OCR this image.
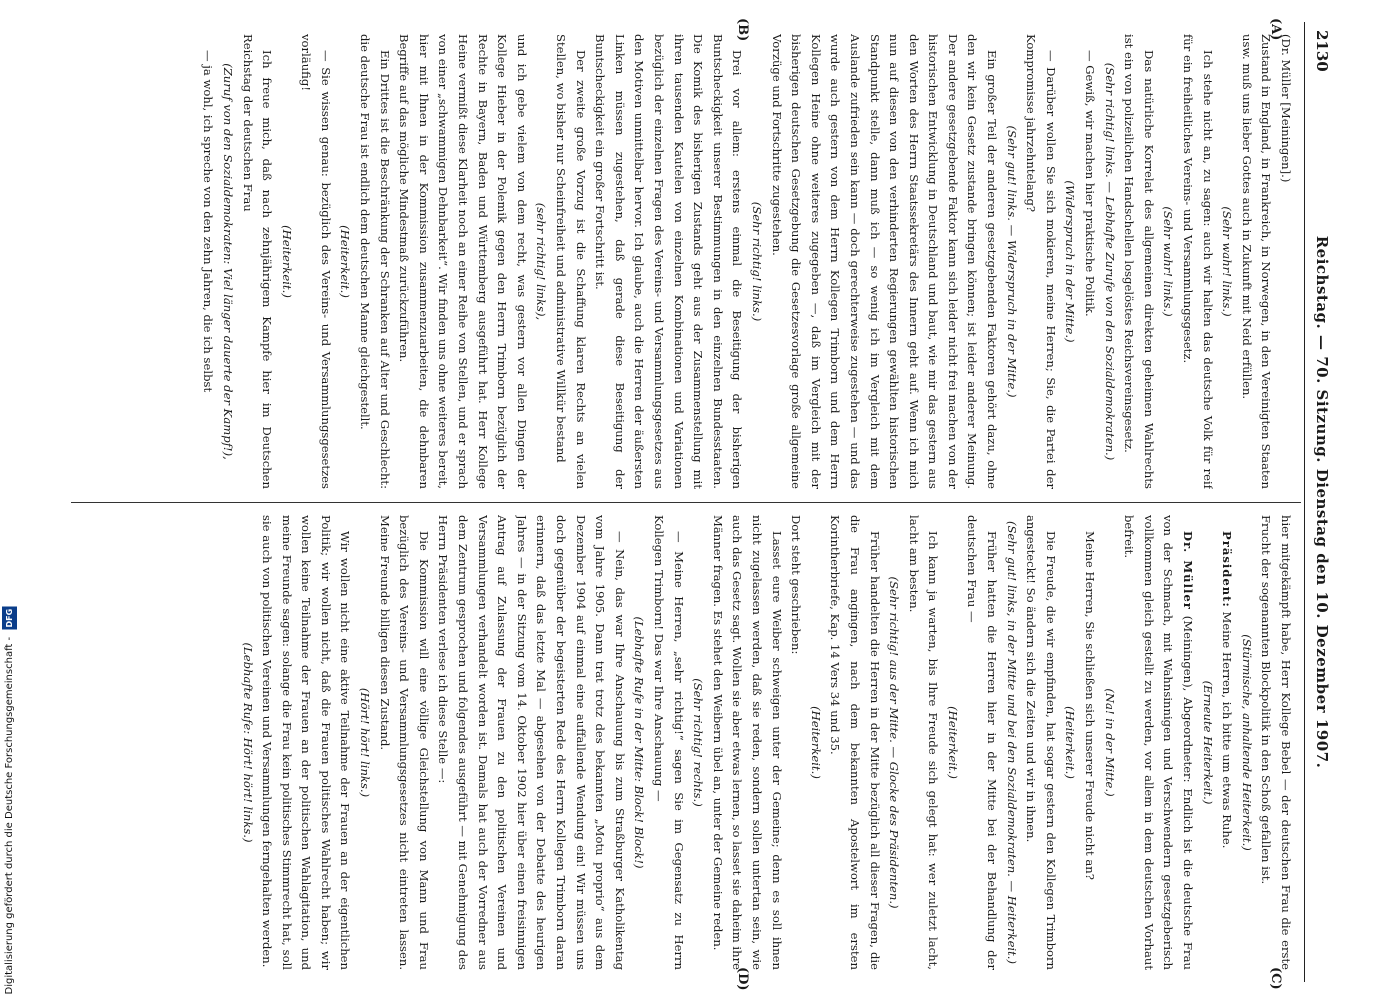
2130
Reichstag. — 70. Sitzung. Dienstag den 10. Dezember 1907.
(A)
(B)
(C)
(D)

(Dr. Müller [Meiningen].)

Zustand in England, in Frankreich, in Norwegen, in den Vereinigten Staaten usw. muß uns lieber Gottes auch in Zukunft mit Neid erfüllen.

(Sehr wahr! links.)

Ich stehe nicht an, zu sagen: auch wir halten das deutsche Volk für reif für ein freiheitliches Vereins- und Versammlungsgesetz.

(Sehr wahr! links.)

Das natürliche Korrelat des allgemeinen direkten geheimen Wahlrechts ist ein von polizeilichen Handschellen losgelöstes Reichsvereinsgesetz.

(Sehr richtig! links. — Lebhafte Zurufe von den Sozialdemokraten.)

— Gewiß, wir machen hier praktische Politik.

(Widerspruch in der Mitte.)

— Darüber wollen Sie sich mokieren, meine Herren; Sie, die Partei der Kompromisse jahrzehntelang?

(Sehr gut! links. — Widerspruch in der Mitte.)

Ein großer Teil der anderen gesetzgebenden Faktoren gehört dazu, ohne den wir kein Gesetz zustande bringen können; ist leider anderer Meinung. Der andere gesetzgebende Faktor kann sich leider nicht frei machen von der historischen Entwicklung in Deutschland und baut, wie mir das gestern aus den Worten des Herrn Staatssekretärs des Innern geht auf. Wenn ich mich nun auf diesen von den verhinderten Regierungen gewählten historischen Standpunkt stelle, dann muß ich — so wenig ich im Vergleich mit dem Auslande zufrieden sein kann — doch gerechterweise zugestehen — und das wurde auch gestern von dem Herrn Kollegen Trimborn und dem Herrn Kollegen Heine ohne weiteres zugegeben —, daß im Vergleich mit der bisherigen deutschen Gesetzgebung die Gesetzesvorlage große allgemeine Vorzüge und Fortschritte zugestehen.

(Sehr richtig! links.)

Drei vor allem: erstens einmal die Beseitigung der bisherigen Buntscheckigkeit unserer Bestimmungen in den einzelnen Bundesstaaten. Die Komik des bisherigen Zustands geht aus der Zusammenstellung mit ihren tausenden Kautelen von einzelnen Kombinationen und Variationen bezüglich der einzelnen Fragen des Vereins- und Versammlungsgesetzes aus den Motiven unmittelbar hervor. Ich glaube, auch die Herren der äußersten Linken müssen zugestehen, daß gerade diese Beseitigung der Buntscheckigkeit ein großer Fortschritt ist.

Der zweite große Vorzug ist die Schaffung klaren Rechts an vielen Stellen, wo bisher nur Scheinfreiheit und administrative Willkür bestand

(sehr richtig! links),

und ich gebe vielem von dem recht, was gestern vor allen Dingen der Kollege Hieber in der Polemik gegen den Herrn Trimborn bezüglich der Rechte in Bayern, Baden und Württemberg ausgeführt hat. Herr Kollege Heine vermißt diese Klarheit noch an einer Reihe von Stellen, und er sprach von einer „schwammigen Dehnbarkeit“. Wir finden uns ohne weiteres bereit, hier mit Ihnen in der Kommission zusammenzuarbeiten, die dehnbaren Begriffe auf das mögliche Mindestmaß zurückzuführen.

Ein Drittes ist die Beschränkung der Schranken auf Alter und Geschlecht: die deutsche Frau ist endlich dem deutschen Manne gleichgestellt.

(Heiterkeit.)

— Sie wissen genau: bezüglich des Vereins- und Versammlungsgesetzes vorläufig!

(Heiterkeit.)

Ich freue mich, daß nach zehnjährigem Kampfe hier im Deutschen Reichstag der deutschen Frau

(Zuruf von den Sozialdemokraten: Viel länger dauerte der Kampf!),

— ja wohl, ich spreche von den zehn Jahren, die ich selbst

hier mitgekämpft habe, Herr Kollege Bebel — der deutschen Frau die erste Frucht der sogenannten Blockpolitik in den Schoß gefallen ist.

(Stürmische, anhaltende Heiterkeit.)

Präsident: Meine Herren, ich bitte um etwas Ruhe.

(Erneute Heiterkeit.)

Dr. Müller (Meiningen), Abgeordneter: Endlich ist die deutsche Frau von der Schmach, mit Wahnsinnigen und Verschwendern gesetzgeberisch vollkommen gleich gestellt zu werden, vor allem in dem deutschen Vorhaut befreit.

(Na! in der Mitte.)

Meine Herren, Sie schließen sich unserer Freude nicht an?

(Heiterkeit.)

Die Freude, die wir empfinden, hat sogar gestern den Kollegen Trimborn angesteckt! So ändern sich die Zeiten und wir in ihnen.

(Sehr gut! links, in der Mitte und bei den Sozialdemokraten. — Heiterkeit.)

Früher hatten die Herren hier in der Mitte bei der Behandlung der deutschen Frau —

(Heiterkeit.)

Ich kann ja warten, bis Ihre Freude sich gelegt hat: wer zuletzt lacht, lacht am besten.

(Sehr richtig! aus der Mitte. — Glocke des Präsidenten.)

Früher handelten die Herren in der Mitte bezüglich all dieser Fragen, die die Frau angingen, nach dem bekannten Apostelwort im ersten Korintherbriefe, Kap. 14 Vers 34 und 35.

(Heiterkeit.)

Dort steht geschrieben:

Lasset eure Weiber schweigen unter der Gemeine; denn es soll ihnen nicht zugelassen werden, daß sie reden, sondern sollen untertan sein, wie auch das Gesetz sagt. Wollen sie aber etwas lernen, so lasset sie daheim ihre Männer fragen. Es stehet den Weibern übel an, unter der Gemeine reden.

(Sehr richtig! rechts.)

— Meine Herren, „sehr richtig!“ sagen Sie im Gegensatz zu Herrn Kollegen Trimborn! Das war Ihre Anschauung —

(Lebhafte Rufe in der Mitte: Block! Block!)

— Nein, das war Ihre Anschauung bis zum Straßburger Katholikentag vom Jahre 1905. Dann trat trotz des bekannten „Motu proprio“ aus dem Dezember 1904 auf einmal eine auffallende Wendung ein! Wir müssen uns doch gegenüber der begeisterten Rede des Herrn Kollegen Trimborn daran erinnern, daß das letzte Mal — abgesehen von der Debatte des heurigen Jahres — in der Sitzung vom 14. Oktober 1902 hier über einen freisinnigen Antrag auf Zulassung der Frauen zu den politischen Vereinen und Versammlungen verhandelt worden ist. Damals hat auch der Vorredner aus dem Zentrum gesprochen und folgendes ausgeführt — mit Genehmigung des Herrn Präsidenten verlese ich diese Stelle —:

Die Kommission will eine völlige Gleichstellung von Mann und Frau bezüglich des Vereins- und Versammlungsgesetzes nicht eintreten lassen. Meine Freunde billigen diesen Zustand.

(Hört! hört! links.)

Wir wollen nicht eine aktive Teilnahme der Frauen an der eigentlichen Politik; wir wollen nicht, daß die Frauen politisches Wahlrecht haben; wir wollen keine Teilnahme der Frauen an der politischen Wahlagitation, und meine Freunde sagen: solange die Frau kein politisches Stimmrecht hat, soll sie auch von politischen Vereinen und Versammlungen ferngehalten werden.

(Lebhafte Rufe: Hört! hört! links.)

Digitalisierung gefördert durch die Deutsche Forschungsgemeinschaft - DFG
